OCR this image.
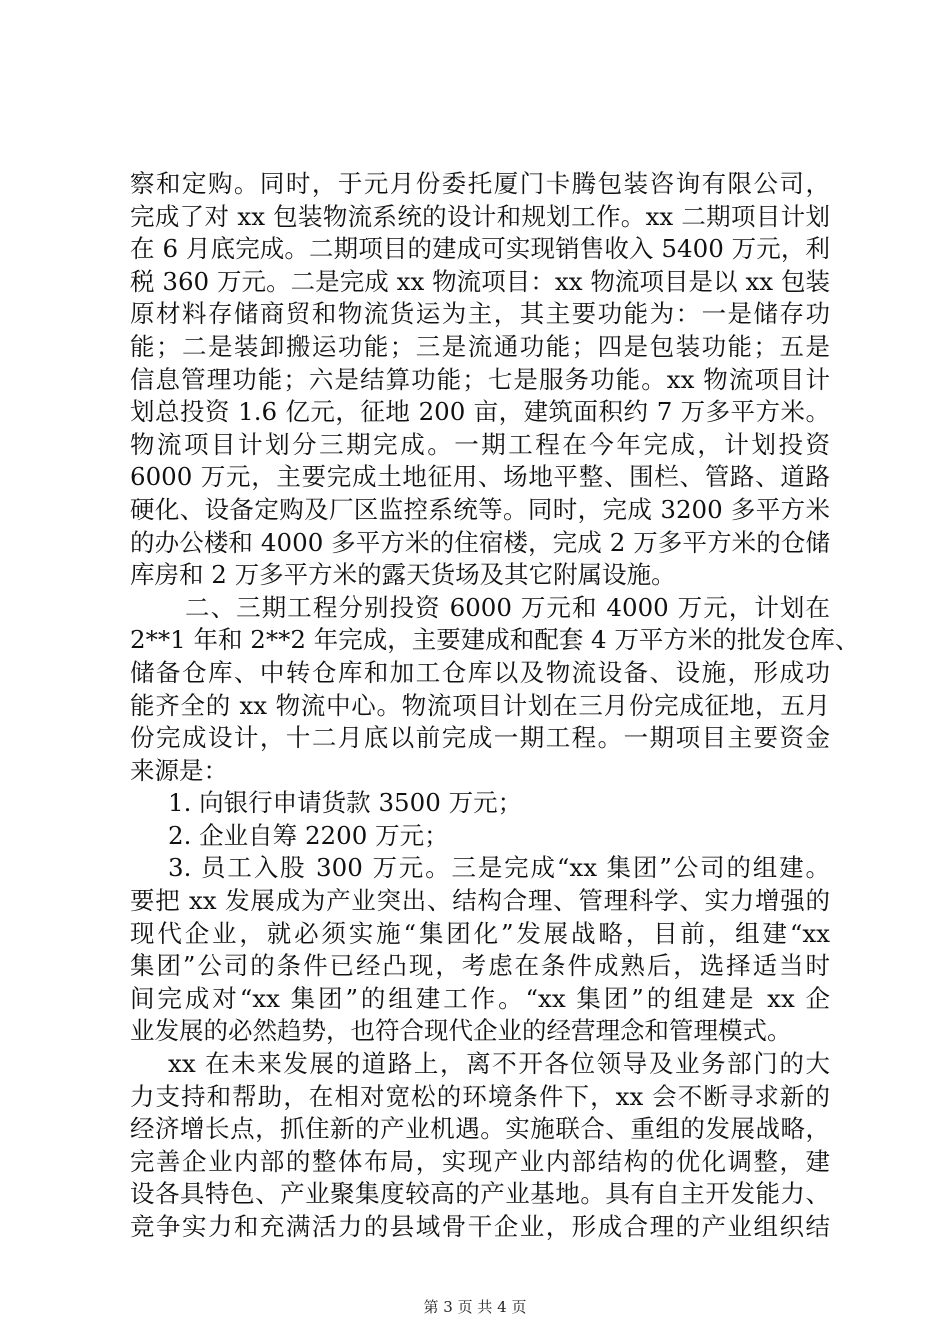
察和定购。同时，于元月份委托厦门卡腾包装咨询有限公司，
完成了对 xx 包装物流系统的设计和规划工作。xx 二期项目计划
在 6 月底完成。二期项目的建成可实现销售收入 5400 万元，利
税 360 万元。二是完成 xx 物流项目：xx 物流项目是以 xx 包装
原材料存储商贸和物流货运为主，其主要功能为：一是储存功
能；二是装卸搬运功能；三是流通功能；四是包装功能；五是
信息管理功能；六是结算功能；七是服务功能。xx 物流项目计
划总投资 1.6 亿元，征地 200 亩，建筑面积约 7 万多平方米。
物流项目计划分三期完成。一期工程在今年完成，计划投资
6000 万元，主要完成土地征用、场地平整、围栏、管路、道路
硬化、设备定购及厂区监控系统等。同时，完成 3200 多平方米
的办公楼和 4000 多平方米的住宿楼，完成 2 万多平方米的仓储
库房和 2 万多平方米的露天货场及其它附属设施。
二、三期工程分别投资 6000 万元和 4000 万元，计划在
2**1 年和 2**2 年完成，主要建成和配套 4 万平方米的批发仓库、
储备仓库、中转仓库和加工仓库以及物流设备、设施，形成功
能齐全的 xx 物流中心。物流项目计划在三月份完成征地，五月
份完成设计，十二月底以前完成一期工程。一期项目主要资金
来源是：
1. 向银行申请货款 3500 万元；
2. 企业自筹 2200 万元；
3. 员工入股 300 万元。三是完成“xx 集团”公司的组建。
要把 xx 发展成为产业突出、结构合理、管理科学、实力增强的
现代企业，就必须实施“集团化”发展战略，目前，组建“xx
集团”公司的条件已经凸现，考虑在条件成熟后，选择适当时
间完成对“xx 集团”的组建工作。“xx 集团”的组建是 xx 企
业发展的必然趋势，也符合现代企业的经营理念和管理模式。
xx 在未来发展的道路上，离不开各位领导及业务部门的大
力支持和帮助，在相对宽松的环境条件下，xx 会不断寻求新的
经济增长点，抓住新的产业机遇。实施联合、重组的发展战略，
完善企业内部的整体布局，实现产业内部结构的优化调整，建
设各具特色、产业聚集度较高的产业基地。具有自主开发能力、
竞争实力和充满活力的县域骨干企业，形成合理的产业组织结
第 3 页 共 4 页
